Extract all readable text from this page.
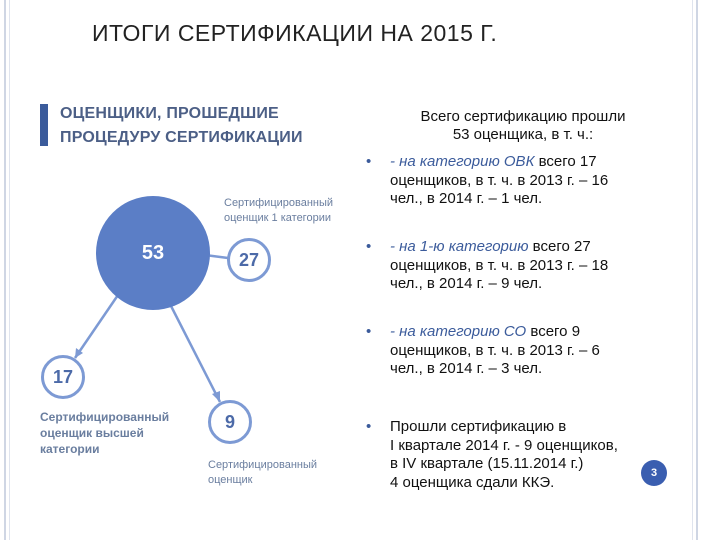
ИТОГИ СЕРТИФИКАЦИИ НА 2015 Г.
ОЦЕНЩИКИ, ПРОШЕДШИЕ
ПРОЦЕДУРУ СЕРТИФИКАЦИИ
53	27
17
9
Сертифицированный
оценщик 1 категории
Сертифицированный
оценщик высшей
категории
Сертифицированный
оценщик
Всего сертификацию прошли
53 оценщика, в т. ч.:
• - на категорию ОВК всего 17
оценщиков, в т. ч. в 2013 г. – 16
чел., в 2014 г. – 1 чел.
• - на 1-ю категорию всего 27
оценщиков, в т. ч. в 2013 г. – 18
чел., в 2014 г. – 9 чел.
• - на категорию СО всего 9
оценщиков, в т. ч. в 2013 г. – 6
чел., в 2014 г. – 3 чел.
• Прошли сертификацию в
I квартале 2014 г. - 9 оценщиков,
в IV квартале (15.11.2014 г.)
4 оценщика сдали ККЭ.
3
